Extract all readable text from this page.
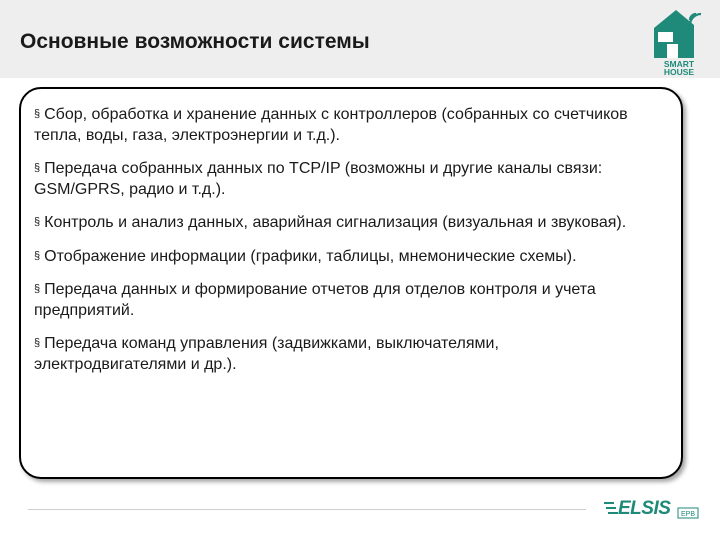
Основные возможности системы
SMART
HOUSE
§ Сбор, обработка и хранение данных с контроллеров (собранных со счетчиков тепла, воды, газа, электроэнергии и т.д.).
§ Передача собранных данных по TCP/IP (возможны и другие каналы связи: GSM/GPRS, радио и т.д.).
§ Контроль и анализ данных, аварийная сигнализация (визуальная и звуковая).
§ Отображение информации (графики, таблицы, мнемонические схемы).
§ Передача данных и формирование отчетов для отделов контроля и учета предприятий.
§ Передача команд управления (задвижками, выключателями, электродвигателями и др.).
ELSIS EPB
